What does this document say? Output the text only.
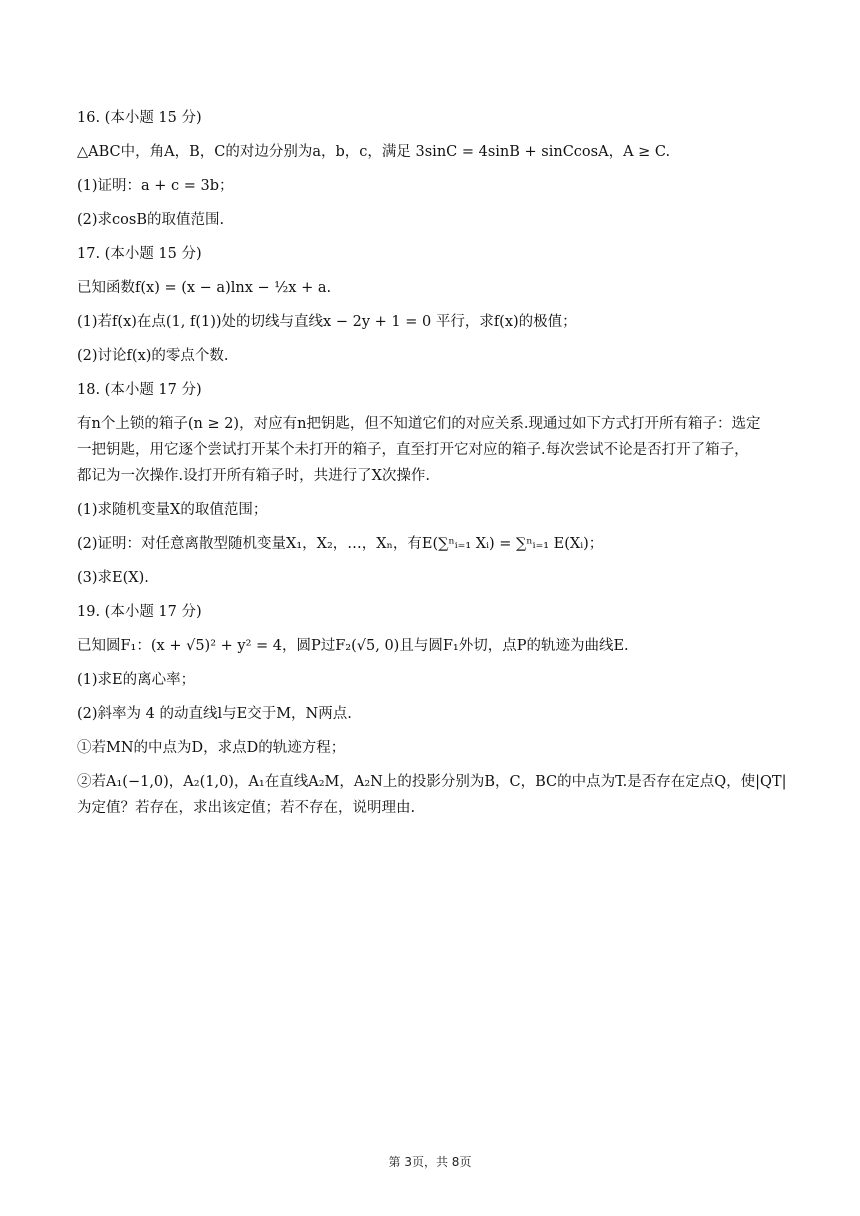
16. (本小题 15 分)
△ABC中，角A，B，C的对边分别为a，b，c，满足 3sinC = 4sinB + sinCcosA，A ≥ C.
(1)证明：a + c = 3b；
(2)求cosB的取值范围.
17. (本小题 15 分)
已知函数f(x) = (x − a)lnx − ½x + a.
(1)若f(x)在点(1, f(1))处的切线与直线x − 2y + 1 = 0 平行，求f(x)的极值；
(2)讨论f(x)的零点个数.
18. (本小题 17 分)
有n个上锁的箱子(n ≥ 2)，对应有n把钥匙，但不知道它们的对应关系.现通过如下方式打开所有箱子：选定
一把钥匙，用它逐个尝试打开某个未打开的箱子，直至打开它对应的箱子.每次尝试不论是否打开了箱子，
都记为一次操作.设打开所有箱子时，共进行了X次操作.
(1)求随机变量X的取值范围；
(2)证明：对任意离散型随机变量X₁，X₂，…，Xₙ，有E(∑ⁿᵢ₌₁ Xᵢ) = ∑ⁿᵢ₌₁ E(Xᵢ)；
(3)求E(X).
19. (本小题 17 分)
已知圆F₁：(x + √5)² + y² = 4，圆P过F₂(√5, 0)且与圆F₁外切，点P的轨迹为曲线E.
(1)求E的离心率；
(2)斜率为 4 的动直线l与E交于M，N两点.
①若MN的中点为D，求点D的轨迹方程；
②若A₁(−1,0)，A₂(1,0)，A₁在直线A₂M，A₂N上的投影分别为B，C，BC的中点为T.是否存在定点Q，使|QT|
为定值？若存在，求出该定值；若不存在，说明理由.
第 3页，共 8页
